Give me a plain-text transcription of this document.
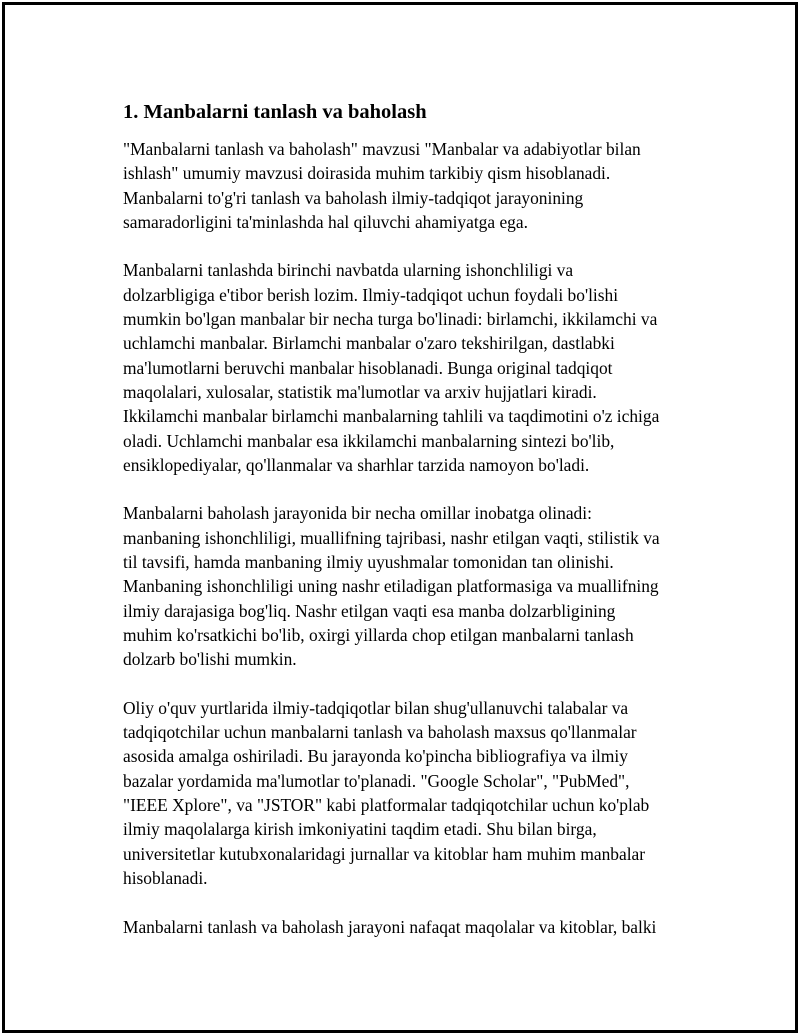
1. Manbalarni tanlash va baholash

"Manbalarni tanlash va baholash" mavzusi "Manbalar va adabiyotlar bilan
ishlash" umumiy mavzusi doirasida muhim tarkibiy qism hisoblanadi.
Manbalarni to'g'ri tanlash va baholash ilmiy-tadqiqot jarayonining
samaradorligini ta'minlashda hal qiluvchi ahamiyatga ega.

Manbalarni tanlashda birinchi navbatda ularning ishonchliligi va
dolzarbligiga e'tibor berish lozim. Ilmiy-tadqiqot uchun foydali bo'lishi
mumkin bo'lgan manbalar bir necha turga bo'linadi: birlamchi, ikkilamchi va
uchlamchi manbalar. Birlamchi manbalar o'zaro tekshirilgan, dastlabki
ma'lumotlarni beruvchi manbalar hisoblanadi. Bunga original tadqiqot
maqolalari, xulosalar, statistik ma'lumotlar va arxiv hujjatlari kiradi.
Ikkilamchi manbalar birlamchi manbalarning tahlili va taqdimotini o'z ichiga
oladi. Uchlamchi manbalar esa ikkilamchi manbalarning sintezi bo'lib,
ensiklopediyalar, qo'llanmalar va sharhlar tarzida namoyon bo'ladi.

Manbalarni baholash jarayonida bir necha omillar inobatga olinadi:
manbaning ishonchliligi, muallifning tajribasi, nashr etilgan vaqti, stilistik va
til tavsifi, hamda manbaning ilmiy uyushmalar tomonidan tan olinishi.
Manbaning ishonchliligi uning nashr etiladigan platformasiga va muallifning
ilmiy darajasiga bog'liq. Nashr etilgan vaqti esa manba dolzarbligining
muhim ko'rsatkichi bo'lib, oxirgi yillarda chop etilgan manbalarni tanlash
dolzarb bo'lishi mumkin.

Oliy o'quv yurtlarida ilmiy-tadqiqotlar bilan shug'ullanuvchi talabalar va
tadqiqotchilar uchun manbalarni tanlash va baholash maxsus qo'llanmalar
asosida amalga oshiriladi. Bu jarayonda ko'pincha bibliografiya va ilmiy
bazalar yordamida ma'lumotlar to'planadi. "Google Scholar", "PubMed",
"IEEE Xplore", va "JSTOR" kabi platformalar tadqiqotchilar uchun ko'plab
ilmiy maqolalarga kirish imkoniyatini taqdim etadi. Shu bilan birga,
universitetlar kutubxonalaridagi jurnallar va kitoblar ham muhim manbalar
hisoblanadi.

Manbalarni tanlash va baholash jarayoni nafaqat maqolalar va kitoblar, balki
